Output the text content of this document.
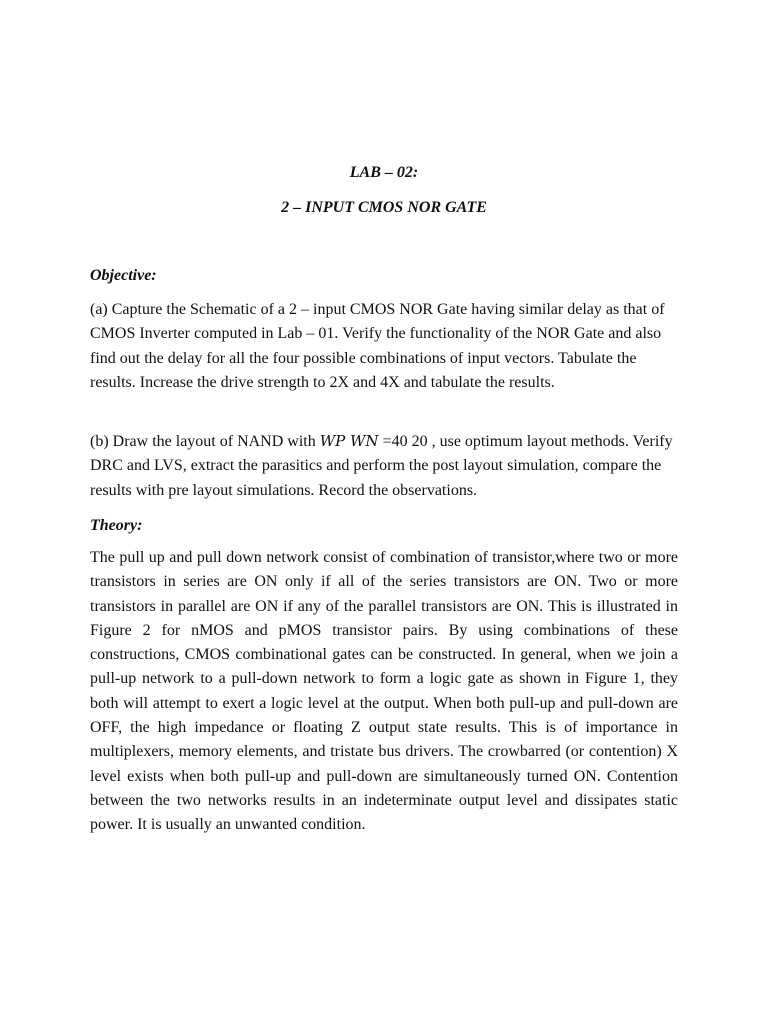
LAB – 02:
2 – INPUT CMOS NOR GATE
Objective:

(a) Capture the Schematic of a 2 – input CMOS NOR Gate having similar delay as that of CMOS Inverter computed in Lab – 01. Verify the functionality of the NOR Gate and also find out the delay for all the four possible combinations of input vectors. Tabulate the results. Increase the drive strength to 2X and 4X and tabulate the results.

(b) Draw the layout of NAND with WP WN =40 20 , use optimum layout methods. Verify DRC and LVS, extract the parasitics and perform the post layout simulation, compare the results with pre layout simulations. Record the observations.

Theory:

The pull up and pull down network consist of combination of transistor,where two or more transistors in series are ON only if all of the series transistors are ON. Two or more transistors in parallel are ON if any of the parallel transistors are ON. This is illustrated in Figure 2 for nMOS and pMOS transistor pairs. By using combinations of these constructions, CMOS combinational gates can be constructed. In general, when we join a pull-up network to a pull-down network to form a logic gate as shown in Figure 1, they both will attempt to exert a logic level at the output. When both pull-up and pull-down are OFF, the high impedance or floating Z output state results. This is of importance in multiplexers, memory elements, and tristate bus drivers. The crowbarred (or contention) X level exists when both pull-up and pull-down are simultaneously turned ON. Contention between the two networks results in an indeterminate output level and dissipates static power. It is usually an unwanted condition.
